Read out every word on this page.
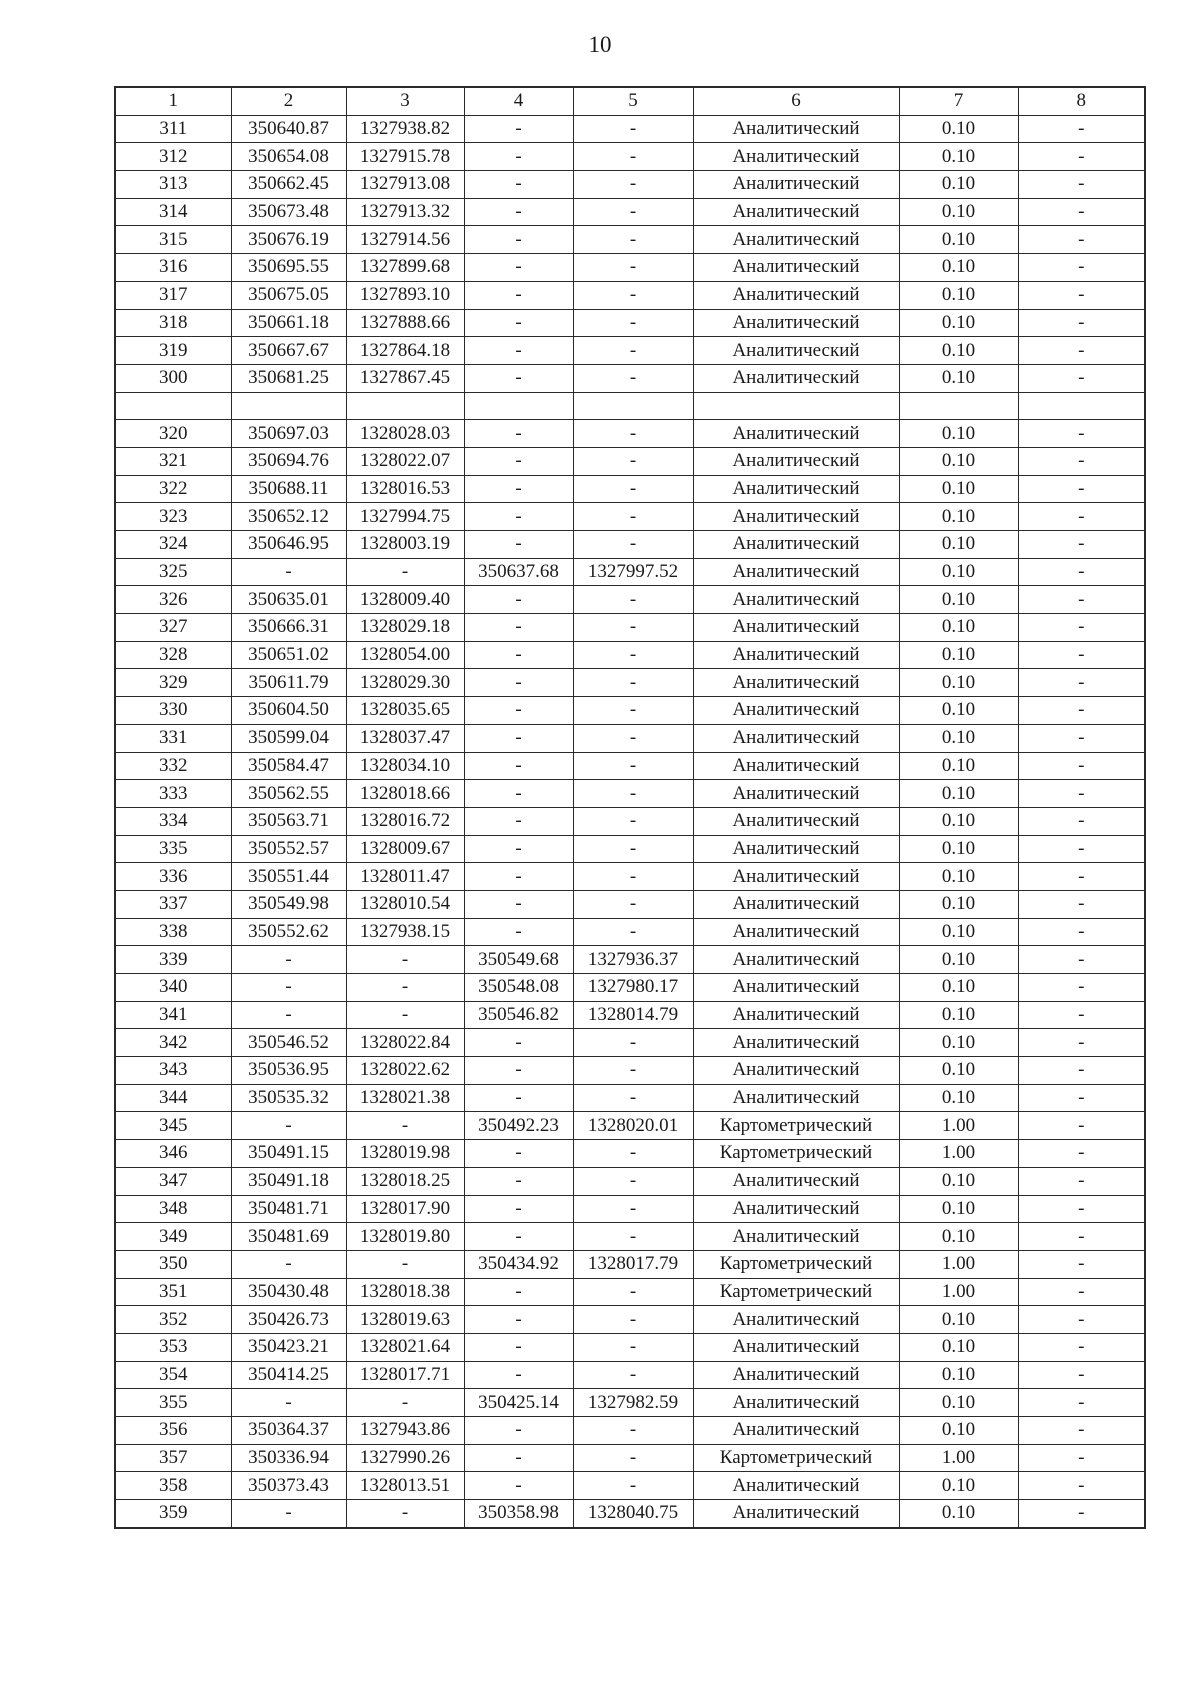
10
1	2	3	4	5	6	7	8
311	350640.87	1327938.82	-	-	Аналитический	0.10	-
312	350654.08	1327915.78	-	-	Аналитический	0.10	-
313	350662.45	1327913.08	-	-	Аналитический	0.10	-
314	350673.48	1327913.32	-	-	Аналитический	0.10	-
315	350676.19	1327914.56	-	-	Аналитический	0.10	-
316	350695.55	1327899.68	-	-	Аналитический	0.10	-
317	350675.05	1327893.10	-	-	Аналитический	0.10	-
318	350661.18	1327888.66	-	-	Аналитический	0.10	-
319	350667.67	1327864.18	-	-	Аналитический	0.10	-
300	350681.25	1327867.45	-	-	Аналитический	0.10	-

320	350697.03	1328028.03	-	-	Аналитический	0.10	-
321	350694.76	1328022.07	-	-	Аналитический	0.10	-
322	350688.11	1328016.53	-	-	Аналитический	0.10	-
323	350652.12	1327994.75	-	-	Аналитический	0.10	-
324	350646.95	1328003.19	-	-	Аналитический	0.10	-
325	-	-	350637.68	1327997.52	Аналитический	0.10	-
326	350635.01	1328009.40	-	-	Аналитический	0.10	-
327	350666.31	1328029.18	-	-	Аналитический	0.10	-
328	350651.02	1328054.00	-	-	Аналитический	0.10	-
329	350611.79	1328029.30	-	-	Аналитический	0.10	-
330	350604.50	1328035.65	-	-	Аналитический	0.10	-
331	350599.04	1328037.47	-	-	Аналитический	0.10	-
332	350584.47	1328034.10	-	-	Аналитический	0.10	-
333	350562.55	1328018.66	-	-	Аналитический	0.10	-
334	350563.71	1328016.72	-	-	Аналитический	0.10	-
335	350552.57	1328009.67	-	-	Аналитический	0.10	-
336	350551.44	1328011.47	-	-	Аналитический	0.10	-
337	350549.98	1328010.54	-	-	Аналитический	0.10	-
338	350552.62	1327938.15	-	-	Аналитический	0.10	-
339	-	-	350549.68	1327936.37	Аналитический	0.10	-
340	-	-	350548.08	1327980.17	Аналитический	0.10	-
341	-	-	350546.82	1328014.79	Аналитический	0.10	-
342	350546.52	1328022.84	-	-	Аналитический	0.10	-
343	350536.95	1328022.62	-	-	Аналитический	0.10	-
344	350535.32	1328021.38	-	-	Аналитический	0.10	-
345	-	-	350492.23	1328020.01	Картометрический	1.00	-
346	350491.15	1328019.98	-	-	Картометрический	1.00	-
347	350491.18	1328018.25	-	-	Аналитический	0.10	-
348	350481.71	1328017.90	-	-	Аналитический	0.10	-
349	350481.69	1328019.80	-	-	Аналитический	0.10	-
350	-	-	350434.92	1328017.79	Картометрический	1.00	-
351	350430.48	1328018.38	-	-	Картометрический	1.00	-
352	350426.73	1328019.63	-	-	Аналитический	0.10	-
353	350423.21	1328021.64	-	-	Аналитический	0.10	-
354	350414.25	1328017.71	-	-	Аналитический	0.10	-
355	-	-	350425.14	1327982.59	Аналитический	0.10	-
356	350364.37	1327943.86	-	-	Аналитический	0.10	-
357	350336.94	1327990.26	-	-	Картометрический	1.00	-
358	350373.43	1328013.51	-	-	Аналитический	0.10	-
359	-	-	350358.98	1328040.75	Аналитический	0.10	-
